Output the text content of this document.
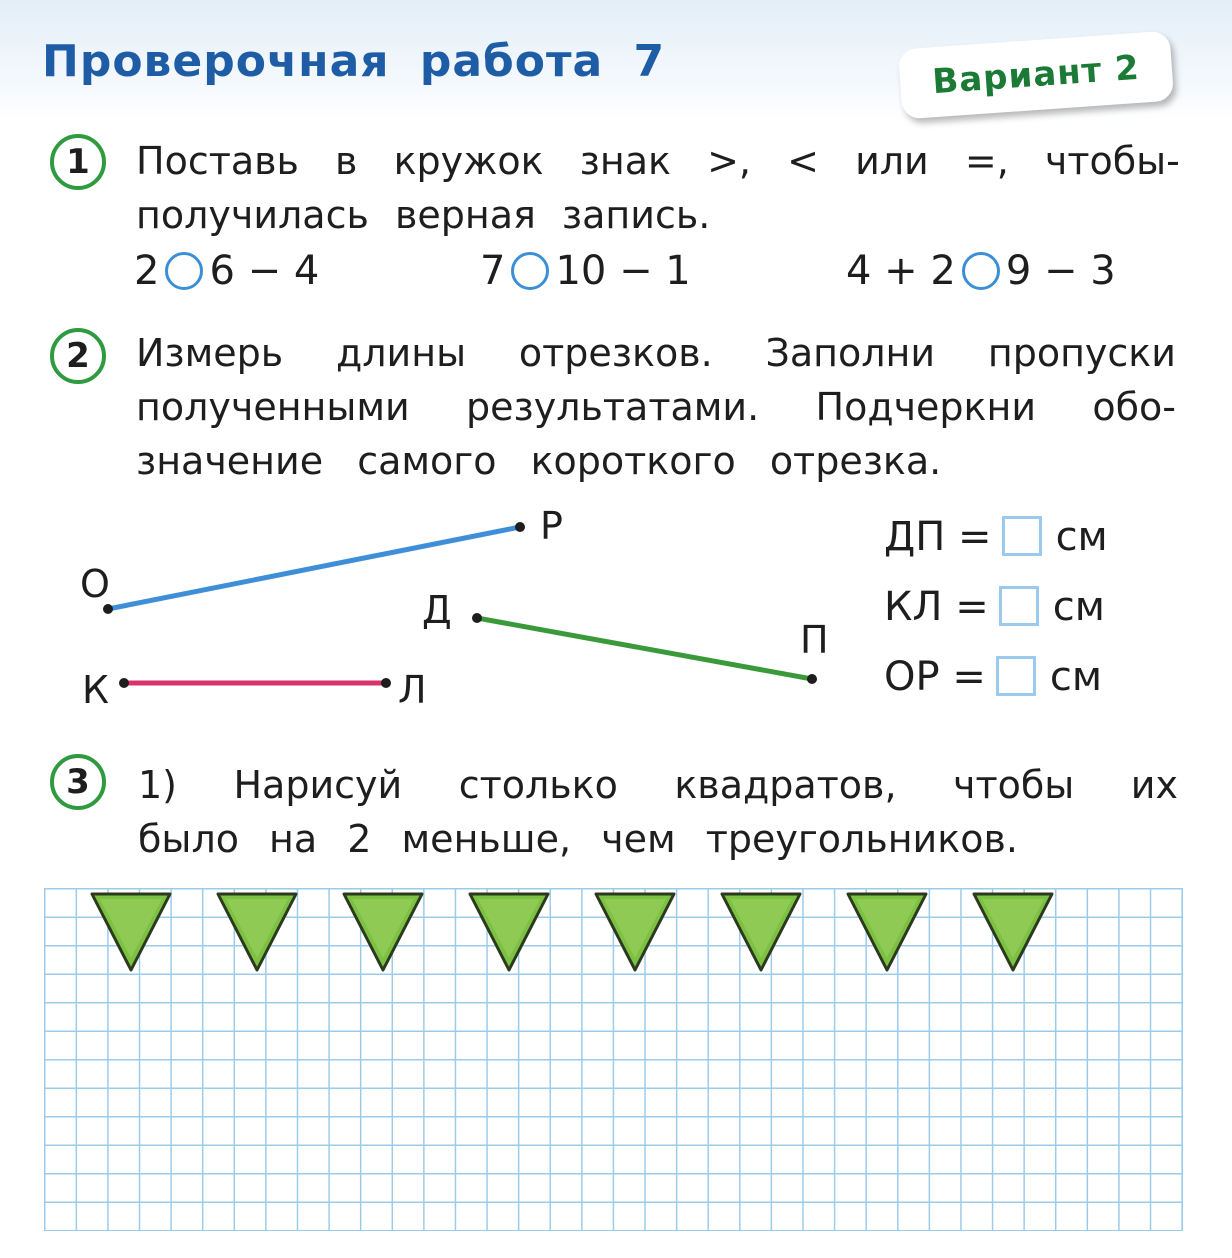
Проверочная работа 7	Вариант 2
1	Поставь в кружок знак >, < или =, чтобы-
получилась верная запись.
2 6 − 4	7 10 − 1	4 + 2 9 − 3
2	Измерь длины отрезков. Заполни пропуски
полученными результатами. Подчеркни обо-
значение самого короткого отрезка.
О
Р
Д
П
К	Л
ДП = см
КЛ = см
ОР = см
3	1) Нарисуй столько квадратов, чтобы их
было на 2 меньше, чем треугольников.
